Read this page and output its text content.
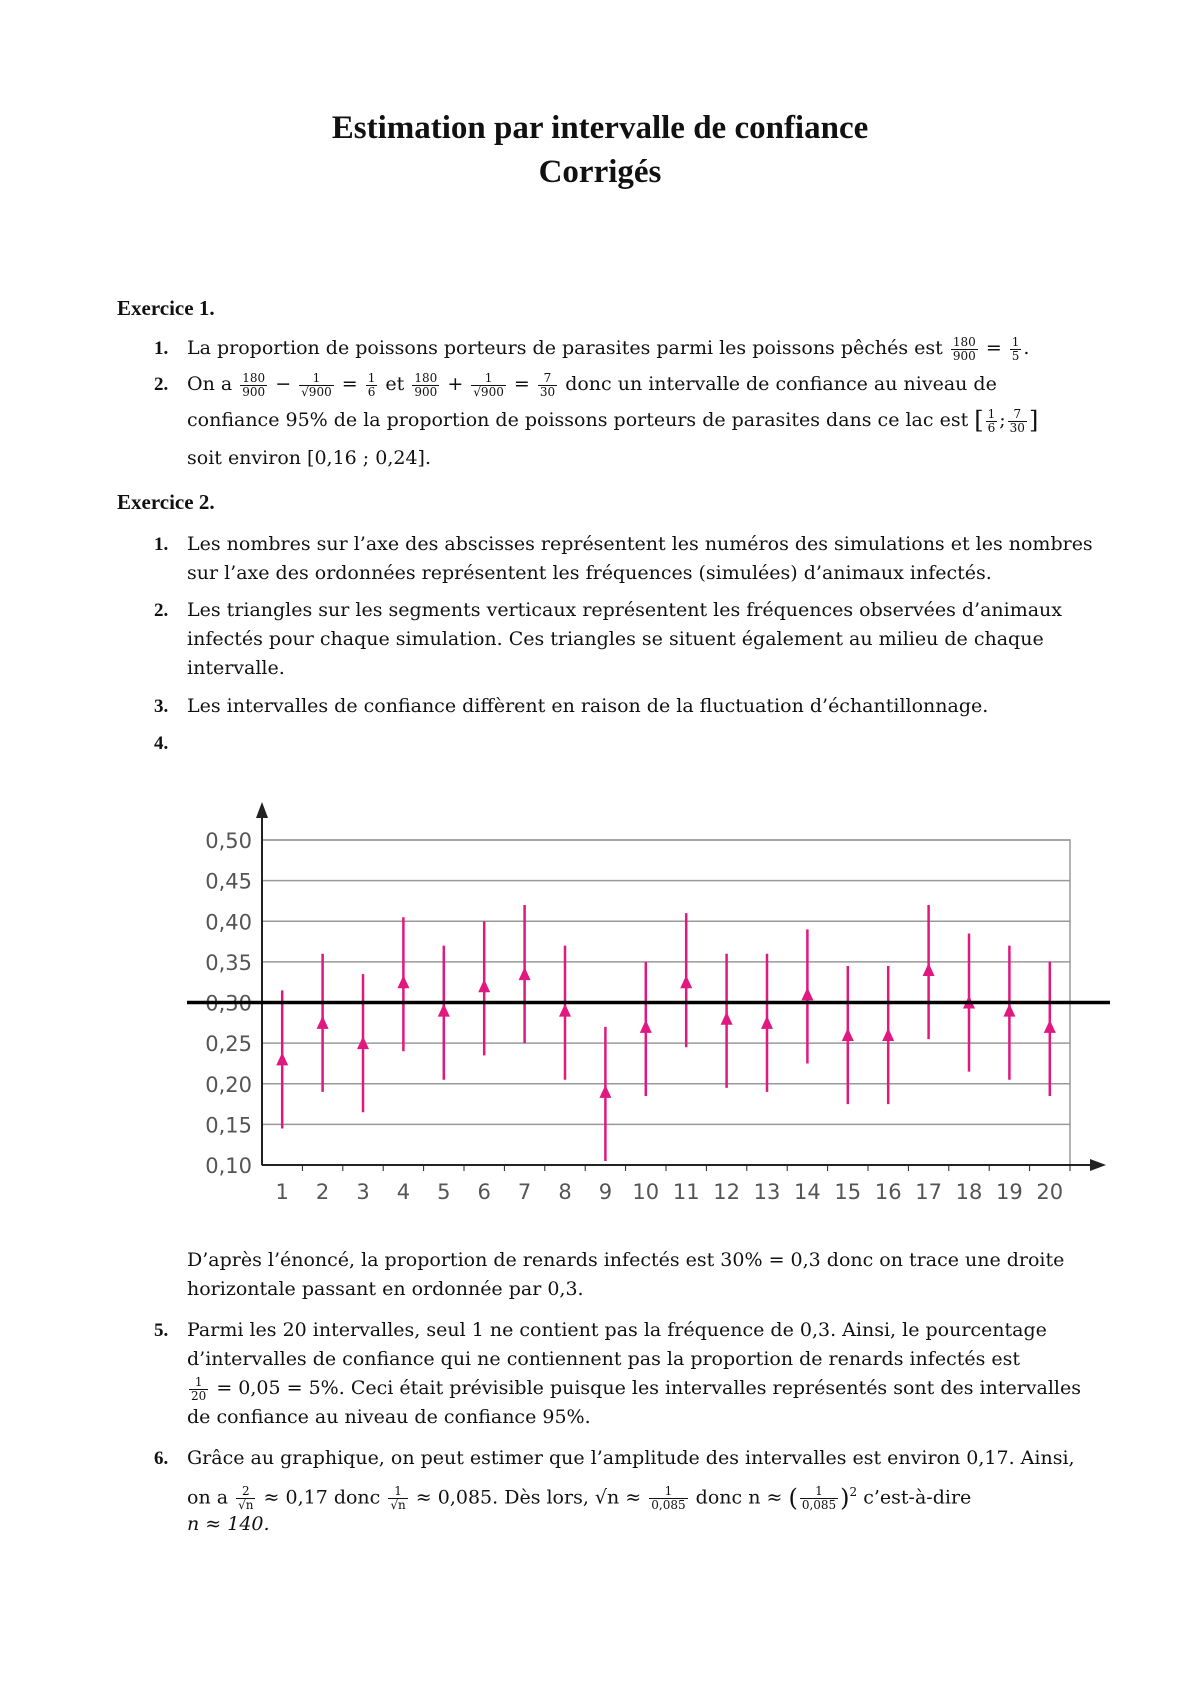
Estimation par intervalle de confiance
Corrigés
Exercice 1.
1. La proportion de poissons porteurs de parasites parmi les poissons pêchés est $\frac{180}{900} = \frac{1}{5}$ .
2. On a $\frac{180}{900} - \frac{1}{√900} = \frac{1}{6}$ et $\frac{180}{900} + \frac{1}{√900} = \frac{7}{30}$ donc un intervalle de confiance au niveau de
confiance 95% de la proportion de poissons porteurs de parasites dans ce lac est [ $\frac{1}{6}$ ; $\frac{7}{30}$ ]
soit environ [0,16 ; 0,24].
Exercice 2.
1. Les nombres sur l’axe des abscisses représentent les numéros des simulations et les nombres
sur l’axe des ordonnées représentent les fréquences (simulées) d’animaux infectés.
2. Les triangles sur les segments verticaux représentent les fréquences observées d’animaux
infectés pour chaque simulation. Ces triangles se situent également au milieu de chaque
intervalle.
3. Les intervalles de confiance diffèrent en raison de la fluctuation d’échantillonnage.
4.
0,10
0,15
0,20
0,25
0,30
0,35
0,40
0,45
0,50
1 2 3 4 5 6 7 8 9 10 11 12 13 14 15 16 17 18 19 20
D’après l’énoncé, la proportion de renards infectés est 30% = 0,3 donc on trace une droite
horizontale passant en ordonnée par 0,3.
5. Parmi les 20 intervalles, seul 1 ne contient pas la fréquence de 0,3. Ainsi, le pourcentage
d’intervalles de confiance qui ne contiennent pas la proportion de renards infectés est

$\frac{1}{20} = 0,05 = 5\%$. Ceci était prévisible puisque les intervalles représentés sont des intervalles
de confiance au niveau de confiance 95%.
6. Grâce au graphique, on peut estimer que l’amplitude des intervalles est environ 0,17. Ainsi,
on a $\frac{2}{√n} \approx 0,17$ donc $\frac{1}{√n} \approx 0,085$. Dès lors, $√n \approx \frac{1}{0,085}$ donc n ≈ ( $\frac{1}{0,085} )^2$ c’est-à-dire
n ≈ 140.
